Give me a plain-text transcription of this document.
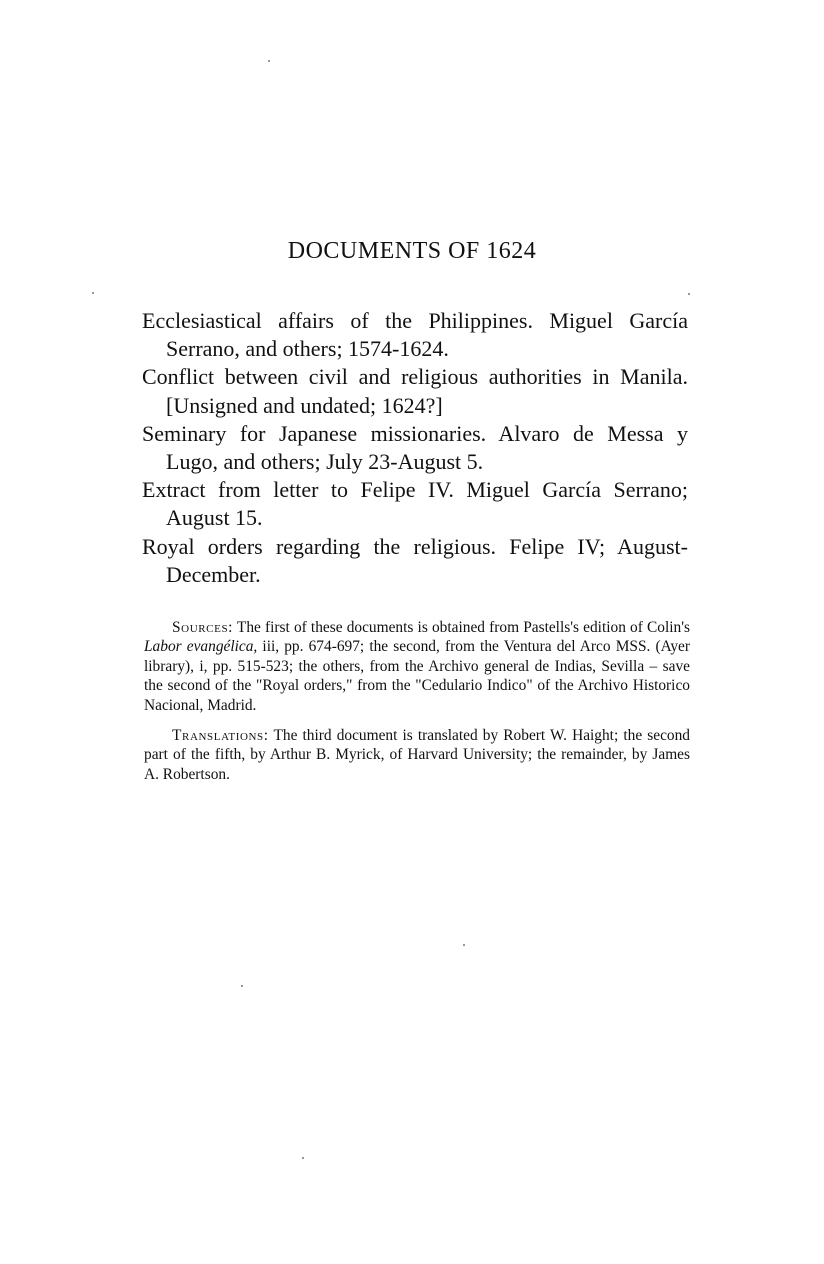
DOCUMENTS OF 1624

Ecclesiastical affairs of the Philippines. Miguel García Serrano, and others; 1574-1624.

Conflict between civil and religious authorities in Manila. [Unsigned and undated; 1624?]

Seminary for Japanese missionaries. Alvaro de Messa y Lugo, and others; July 23-August 5.

Extract from letter to Felipe IV. Miguel García Serrano; August 15.

Royal orders regarding the religious. Felipe IV; August-December.

Sources: The first of these documents is obtained from Pastells's edition of Colin's Labor evangélica, iii, pp. 674-697; the second, from the Ventura del Arco MSS. (Ayer library), i, pp. 515-523; the others, from the Archivo general de Indias, Sevilla – save the second of the "Royal orders," from the "Cedulario Indico" of the Archivo Historico Nacional, Madrid.

Translations: The third document is translated by Robert W. Haight; the second part of the fifth, by Arthur B. Myrick, of Harvard University; the remainder, by James A. Robertson.
